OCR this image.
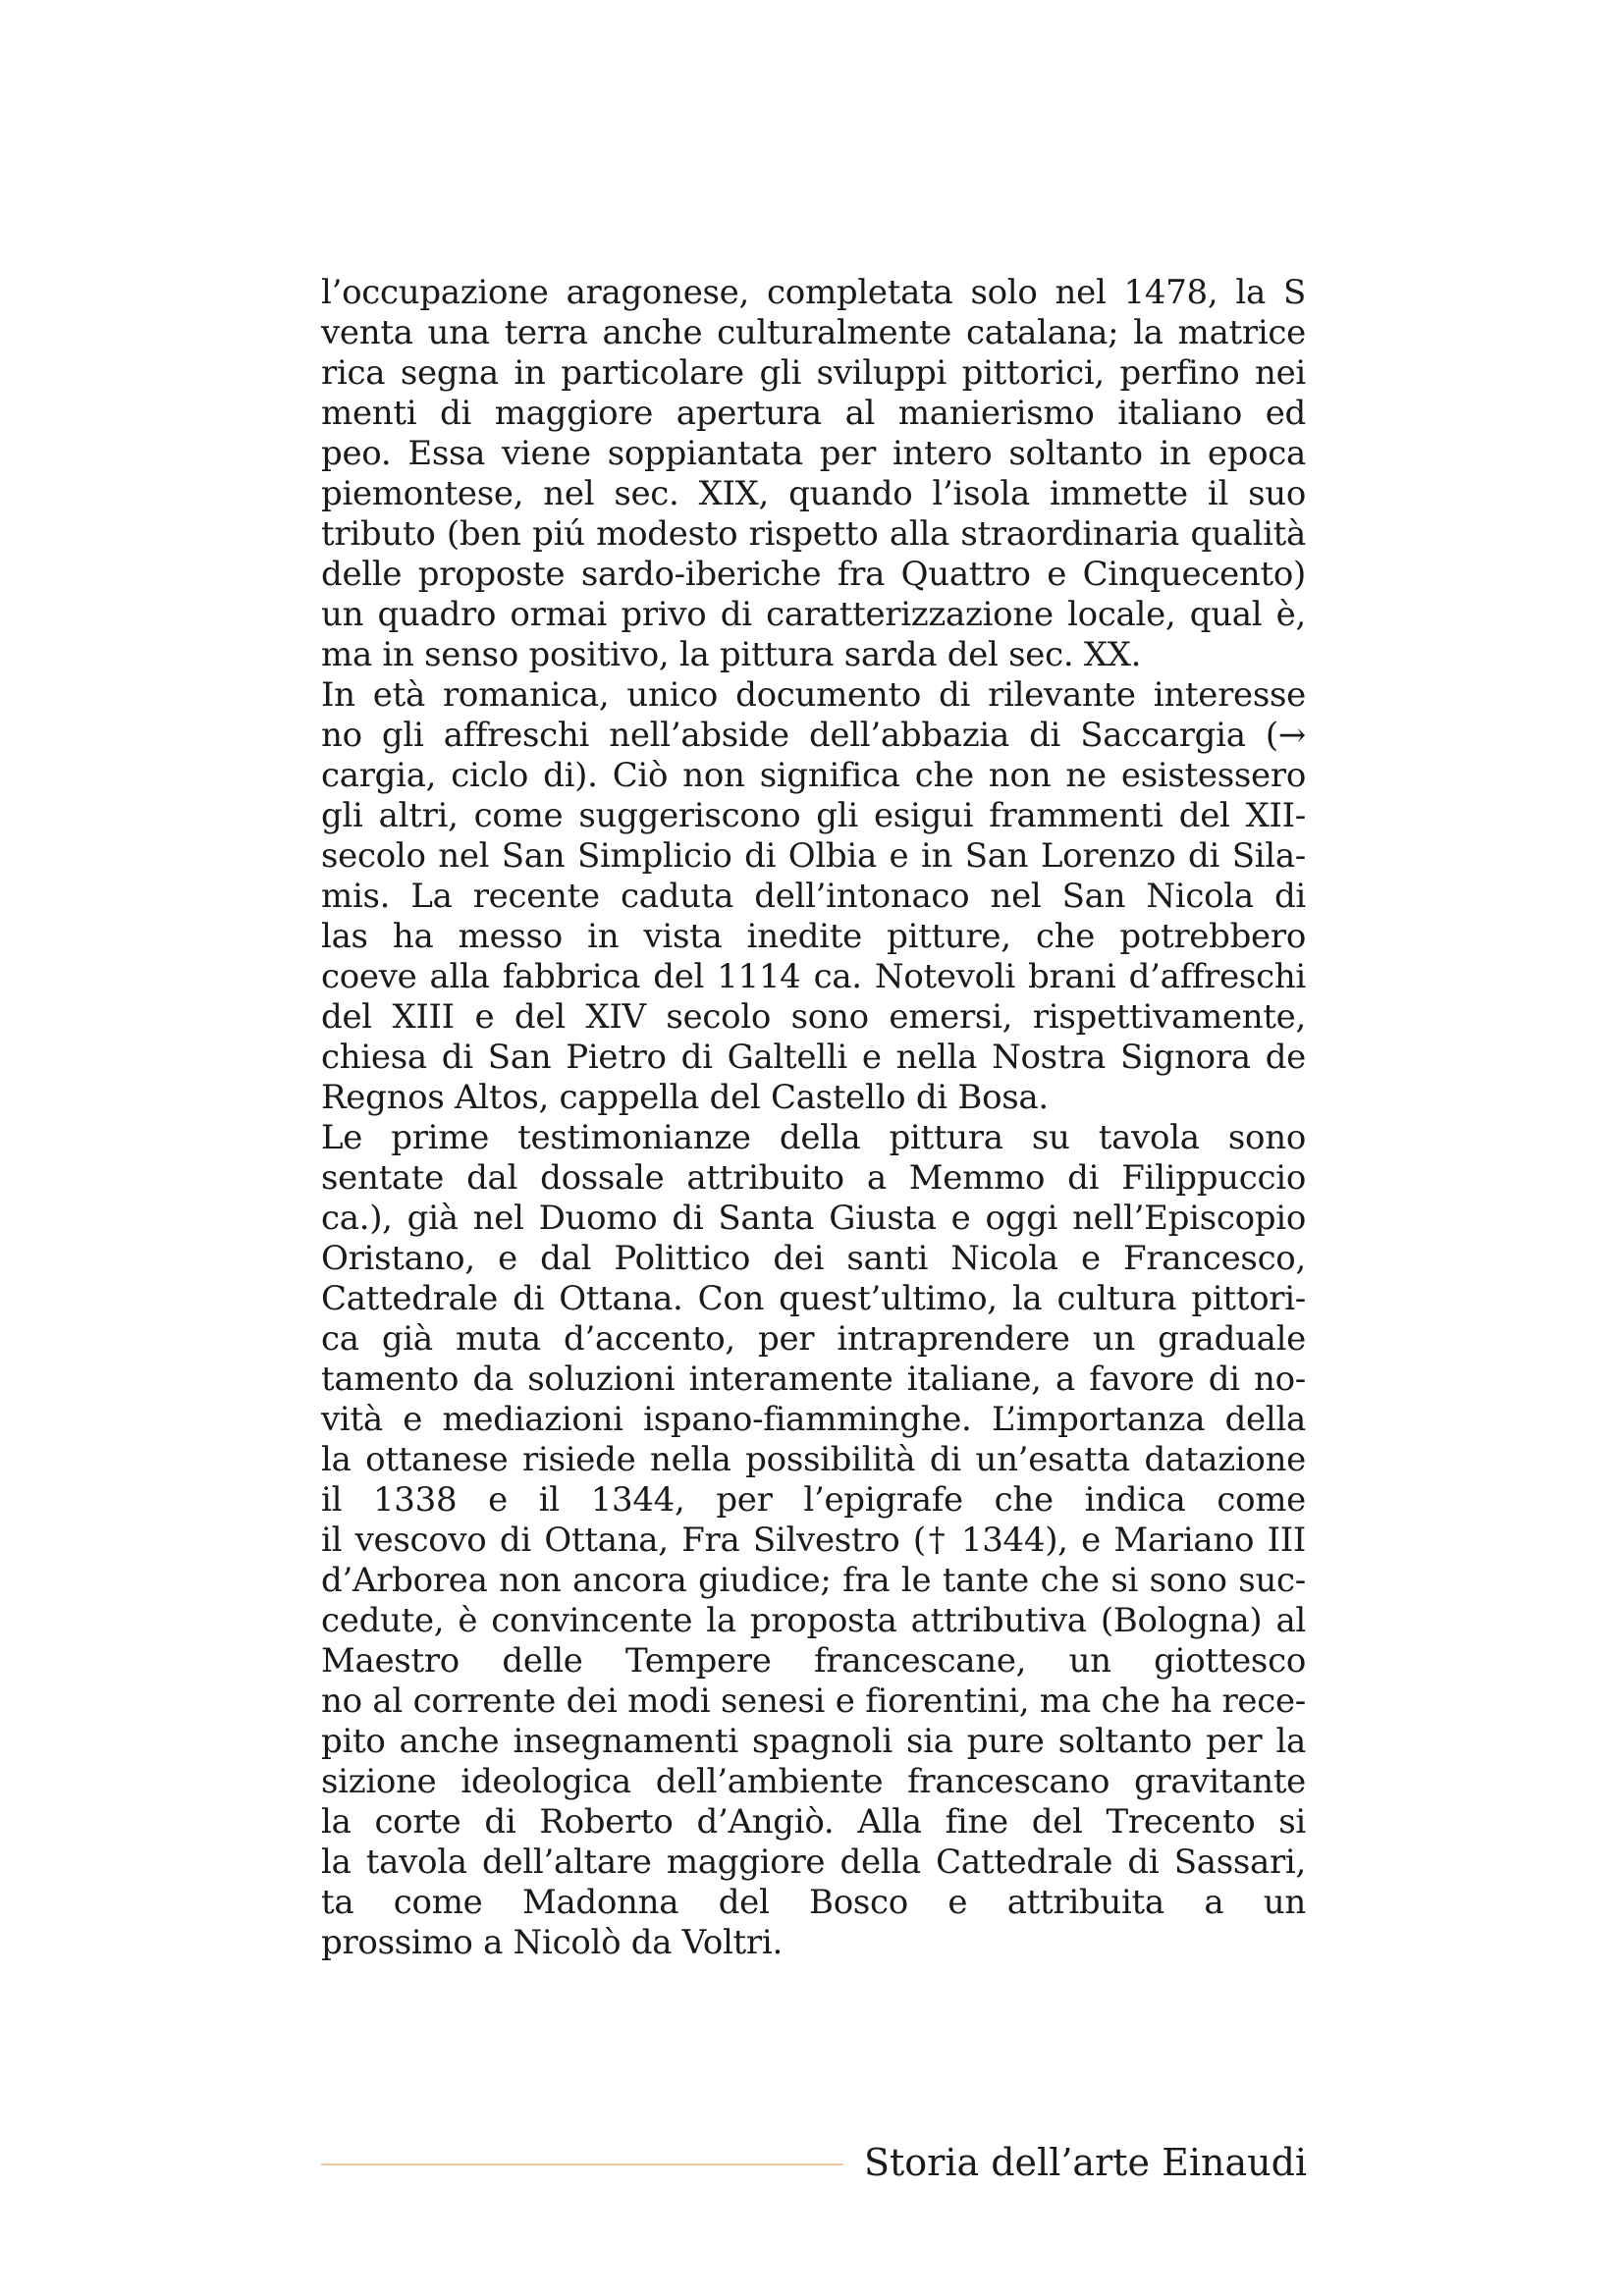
l’occupazione aragonese, completata solo nel 1478, la S
venta una terra anche culturalmente catalana; la matrice
rica segna in particolare gli sviluppi pittorici, perfino nei
menti di maggiore apertura al manierismo italiano ed
peo. Essa viene soppiantata per intero soltanto in epoca
piemontese, nel sec. XIX, quando l’isola immette il suo
tributo (ben piú modesto rispetto alla straordinaria qualità
delle proposte sardo-iberiche fra Quattro e Cinquecento)
un quadro ormai privo di caratterizzazione locale, qual è,
ma in senso positivo, la pittura sarda del sec. XX.
In età romanica, unico documento di rilevante interesse
no gli affreschi nell’abside dell’abbazia di Saccargia (→
cargia, ciclo di). Ciò non significa che non ne esistessero
gli altri, come suggeriscono gli esigui frammenti del XII-
secolo nel San Simplicio di Olbia e in San Lorenzo di Sila-
mis. La recente caduta dell’intonaco nel San Nicola di
las ha messo in vista inedite pitture, che potrebbero
coeve alla fabbrica del 1114 ca. Notevoli brani d’affreschi
del XIII e del XIV secolo sono emersi, rispettivamente,
chiesa di San Pietro di Galtelli e nella Nostra Signora de
Regnos Altos, cappella del Castello di Bosa.
Le prime testimonianze della pittura su tavola sono
sentate dal dossale attribuito a Memmo di Filippuccio
ca.), già nel Duomo di Santa Giusta e oggi nell’Episcopio
Oristano, e dal Polittico dei santi Nicola e Francesco,
Cattedrale di Ottana. Con quest’ultimo, la cultura pittori-
ca già muta d’accento, per intraprendere un graduale
tamento da soluzioni interamente italiane, a favore di no-
vità e mediazioni ispano-fiamminghe. L’importanza della
la ottanese risiede nella possibilità di un’esatta datazione
il 1338 e il 1344, per l’epigrafe che indica come
il vescovo di Ottana, Fra Silvestro († 1344), e Mariano III
d’Arborea non ancora giudice; fra le tante che si sono suc-
cedute, è convincente la proposta attributiva (Bologna) al
Maestro delle Tempere francescane, un giottesco
no al corrente dei modi senesi e fiorentini, ma che ha rece-
pito anche insegnamenti spagnoli sia pure soltanto per la
sizione ideologica dell’ambiente francescano gravitante
la corte di Roberto d’Angiò. Alla fine del Trecento si
la tavola dell’altare maggiore della Cattedrale di Sassari,
ta come Madonna del Bosco e attribuita a un
prossimo a Nicolò da Voltri.
Storia dell’arte Einaudi
